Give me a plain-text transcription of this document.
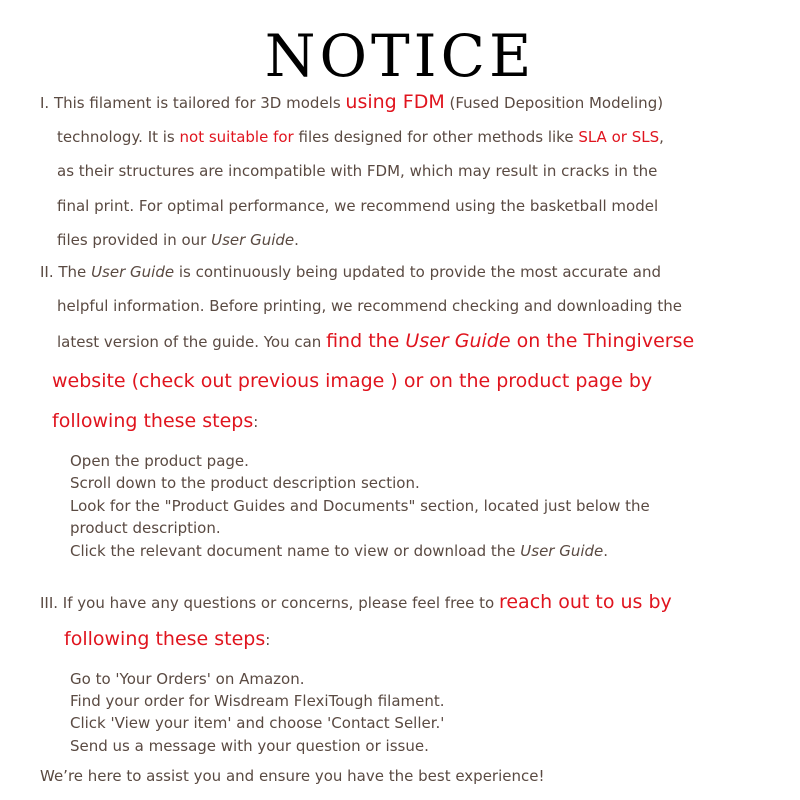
NOTICE
I. This filament is tailored for 3D models using FDM (Fused Deposition Modeling)
technology. It is not suitable for files designed for other methods like SLA or SLS,
as their structures are incompatible with FDM, which may result in cracks in the
final print. For optimal performance, we recommend using the basketball model
files provided in our User Guide.
II. The User Guide is continuously being updated to provide the most accurate and
helpful information. Before printing, we recommend checking and downloading the
latest version of the guide. You can find the User Guide on the Thingiverse
website (check out previous image ) or on the product page by
following these steps:
Open the product page.
Scroll down to the product description section.
Look for the "Product Guides and Documents" section, located just below the
product description.
Click the relevant document name to view or download the User Guide.
III. If you have any questions or concerns, please feel free to reach out to us by
following these steps:
Go to 'Your Orders' on Amazon.
Find your order for Wisdream FlexiTough filament.
Click 'View your item' and choose 'Contact Seller.'
Send us a message with your question or issue.
We’re here to assist you and ensure you have the best experience!
